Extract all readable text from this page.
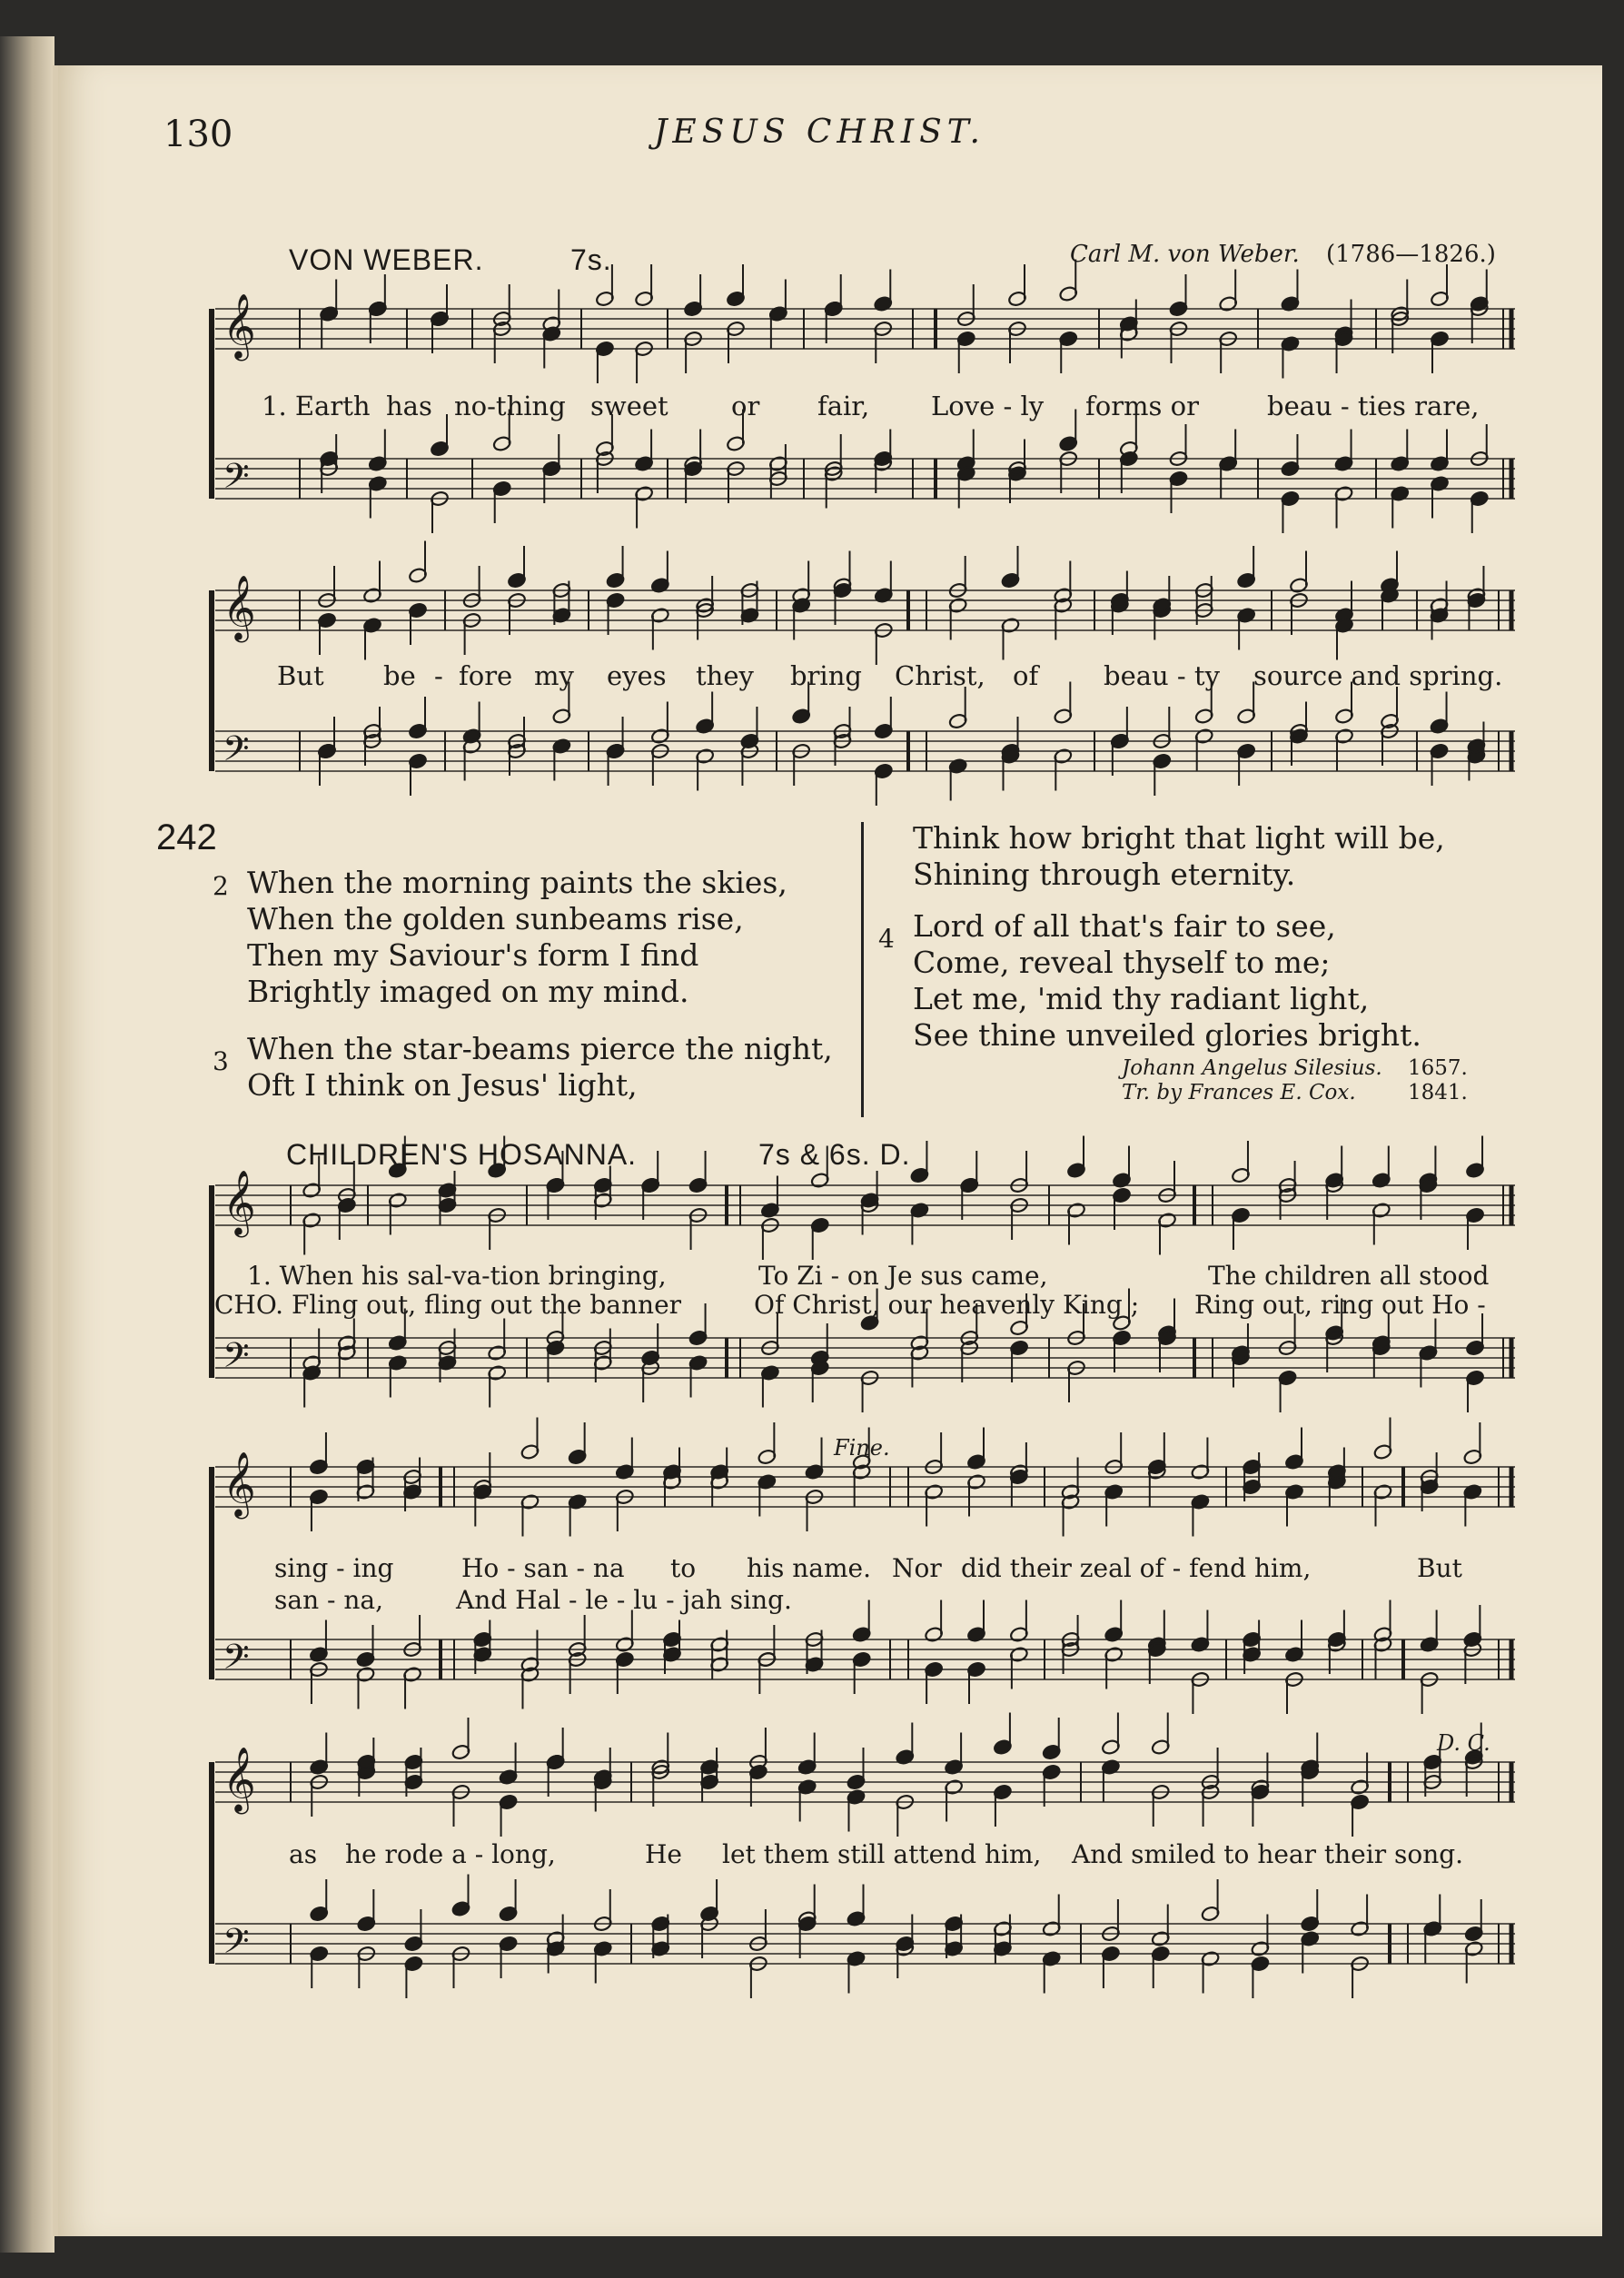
130	JESUS CHRIST.
𝄞
𝄢
𝄞
𝄢
𝄞
𝄢
𝄞
𝄢
𝄞
𝄢
VON WEBER.	7s.	Carl M. von Weber. (1786—1826.)
1. Earth has no-thing sweet or fair, Love - ly forms or	beau - ties rare,
But be - fore my eyes they bring Christ, of beau - ty source and spring.
242
2 When the morning paints the skies,
When the golden sunbeams rise,
Then my Saviour's form I find
Brightly imaged on my mind.
3 When the star-beams pierce the night,
Oft I think on Jesus' light,
Think how bright that light will be,
Shining through eternity.
4 Lord of all that's fair to see,
Come, reveal thyself to me;
Let me, 'mid thy radiant light,
See thine unveiled glories bright.
Johann Angelus Silesius. 1657.
Tr. by Frances E. Cox. 1841.
CHILDREN'S HOSANNA.	7s & 6s. D.
1. When his sal-va-tion bringing,	To Zi - on Je sus came,	The children all stood
CHO. Fling out, fling out the banner	Of Christ, our heavenly King ; Ring out, ring out Ho -
Fine.
sing - ing	Ho - san - na to his name. Nor did their zeal of - fend him,	But
san - na,	And Hal - le - lu - jah sing.
D. C.
as he rode a - long,	He let them still attend him, And smiled to hear their song.
